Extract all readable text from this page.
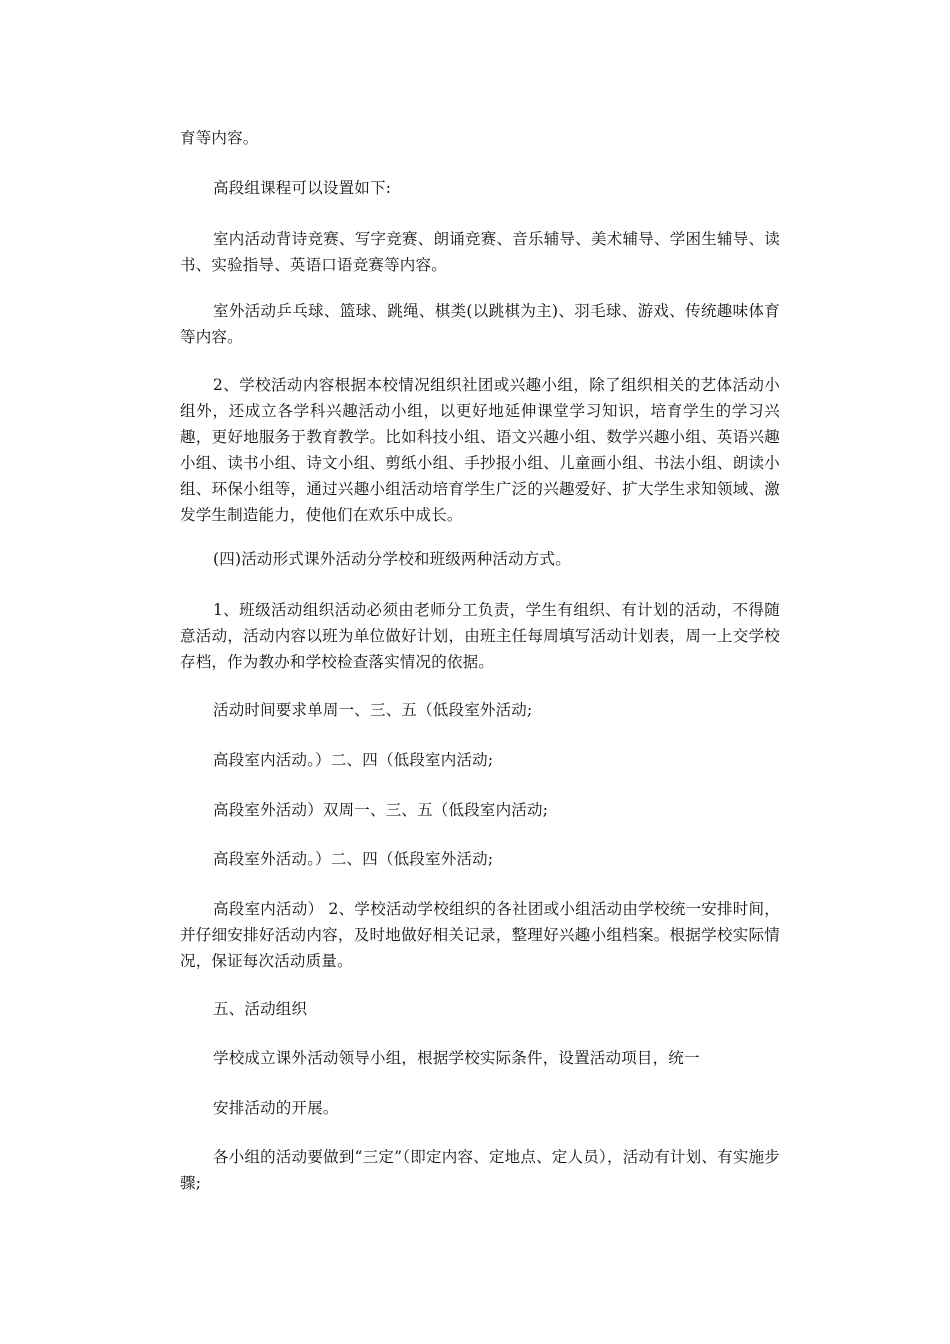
育等内容。

高段组课程可以设置如下:

室内活动背诗竞赛、写字竞赛、朗诵竞赛、音乐辅导、美术辅导、学困生辅导、读书、实验指导、英语口语竞赛等内容。

室外活动乒乓球、篮球、跳绳、棋类(以跳棋为主)、羽毛球、游戏、传统趣味体育等内容。

2、学校活动内容根据本校情况组织社团或兴趣小组，除了组织相关的艺体活动小组外，还成立各学科兴趣活动小组，以更好地延伸课堂学习知识，培育学生的学习兴趣，更好地服务于教育教学。比如科技小组、语文兴趣小组、数学兴趣小组、英语兴趣小组、读书小组、诗文小组、剪纸小组、手抄报小组、儿童画小组、书法小组、朗读小组、环保小组等，通过兴趣小组活动培育学生广泛的兴趣爱好、扩大学生求知领域、激发学生制造能力，使他们在欢乐中成长。

(四)活动形式课外活动分学校和班级两种活动方式。

1、班级活动组织活动必须由老师分工负责，学生有组织、有计划的活动，不得随意活动，活动内容以班为单位做好计划，由班主任每周填写活动计划表，周一上交学校存档，作为教办和学校检查落实情况的依据。

活动时间要求单周一、三、五（低段室外活动;

高段室内活动。）二、四（低段室内活动;

高段室外活动）双周一、三、五（低段室内活动;

高段室外活动。）二、四（低段室外活动;

高段室内活动） 2、学校活动学校组织的各社团或小组活动由学校统一安排时间，并仔细安排好活动内容，及时地做好相关记录，整理好兴趣小组档案。根据学校实际情况，保证每次活动质量。

五、活动组织

学校成立课外活动领导小组，根据学校实际条件，设置活动项目，统一

安排活动的开展。

各小组的活动要做到“三定”（即定内容、定地点、定人员），活动有计划、有实施步骤;
